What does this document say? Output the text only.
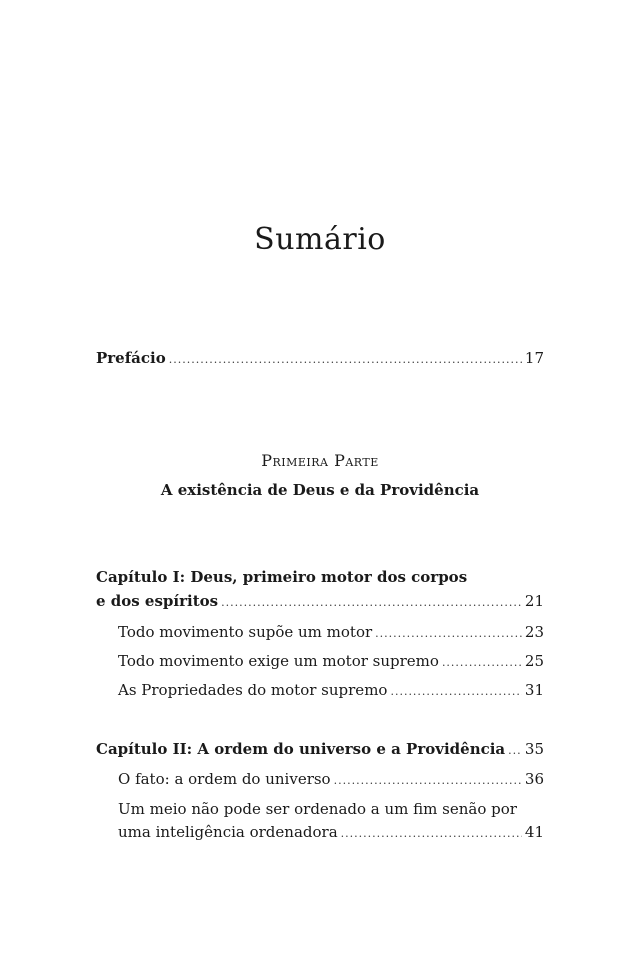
Sumário
Prefácio .....	17
Primeira Parte
A existência de Deus e da Providência
Capítulo I: Deus, primeiro motor dos corpos
e dos espíritos .....	21
Todo movimento supõe um motor .....	23
Todo movimento exige um motor supremo .....	25
As Propriedades do motor supremo .....	31
Capítulo II: A ordem do universo e a Providência ..... 35
O fato: a ordem do universo .....	36
Um meio não pode ser ordenado a um fim senão por
uma inteligência ordenadora .....	41
